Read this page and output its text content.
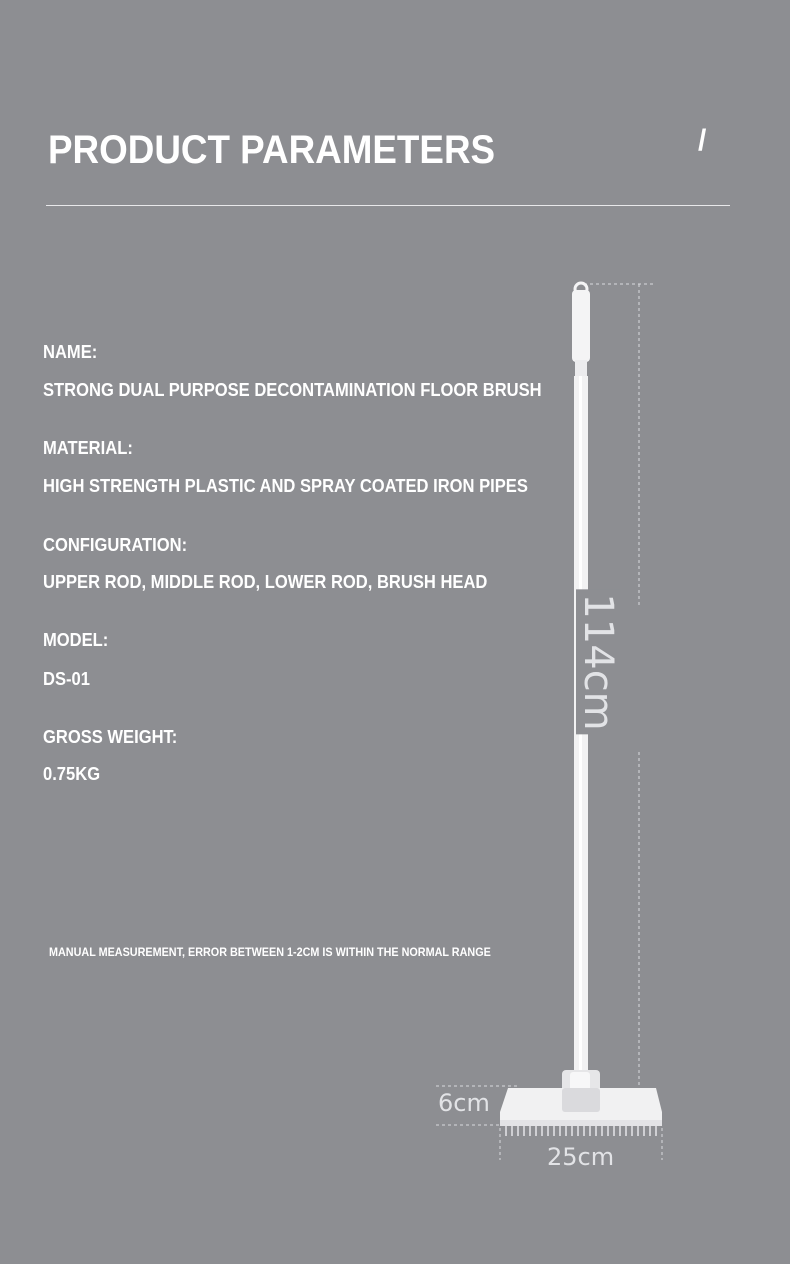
PRODUCT PARAMETERS	/
NAME:
STRONG DUAL PURPOSE DECONTAMINATION FLOOR BRUSH
MATERIAL:
HIGH STRENGTH PLASTIC AND SPRAY COATED IRON PIPES
CONFIGURATION:
UPPER ROD, MIDDLE ROD, LOWER ROD, BRUSH HEAD
MODEL:
DS-01
GROSS WEIGHT:
0.75KG
MANUAL MEASUREMENT, ERROR BETWEEN 1-2CM IS WITHIN THE NORMAL RANGE
114cm
6cm
25cm
